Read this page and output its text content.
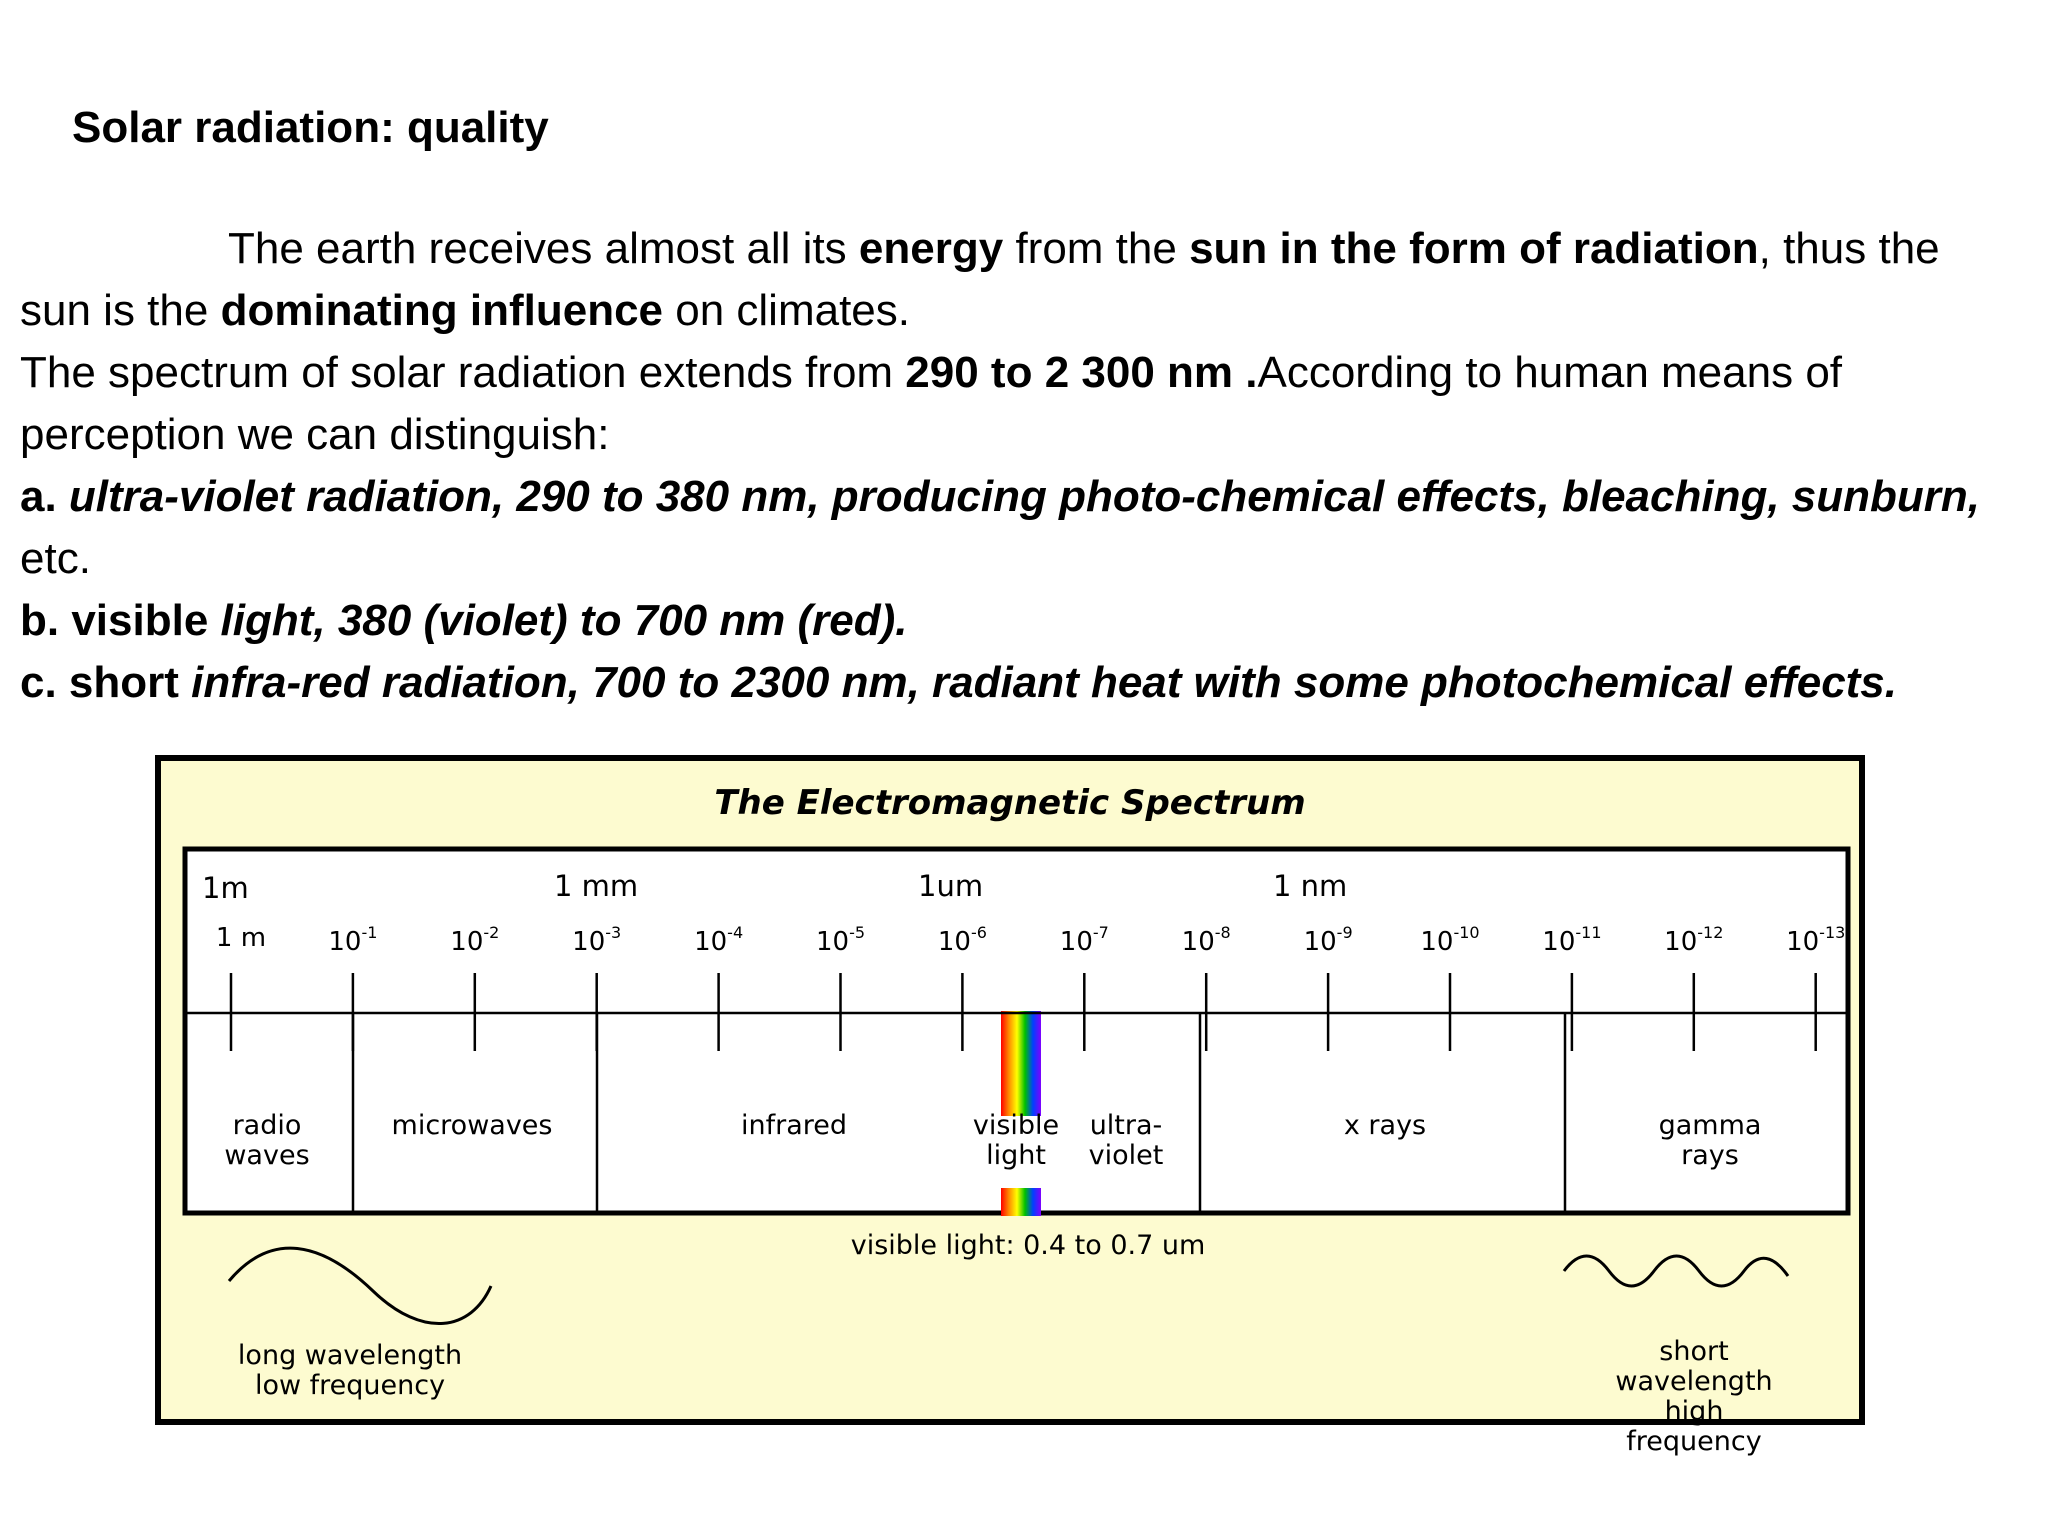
Solar radiation: quality

The earth receives almost all its energy from the sun in the form of radiation, thus the

sun is the dominating influence on climates.

The spectrum of solar radiation extends from 290 to 2 300 nm .According to human means of

perception we can distinguish:

a. ultra-violet radiation, 290 to 380 nm, producing photo-chemical effects, bleaching, sunburn,

etc.

b. visible light, 380 (violet) to 700 nm (red).

c. short infra-red radiation, 700 to 2300 nm, radiant heat with some photochemical effects.

The Electromagnetic Spectrum
1m	1 mm	1um	1 nm
1 m $10^{-1}$	$10^{-2}$	$10^{-3}$	$10^{-4}$	$10^{-5}$	$10^{-6}$	$10^{-7}$	$10^{-8}$	$10^{-9}$	$10^{-10}$ $10^{-11}$ $10^{-12}$ $10^{-13}$
radio
waves
microwaves	infrared	visible
light
ultra-
violet
x rays	gamma rays
visible light: 0.4 to 0.7 um
long wavelength
low frequency
short wavelength
high frequency
